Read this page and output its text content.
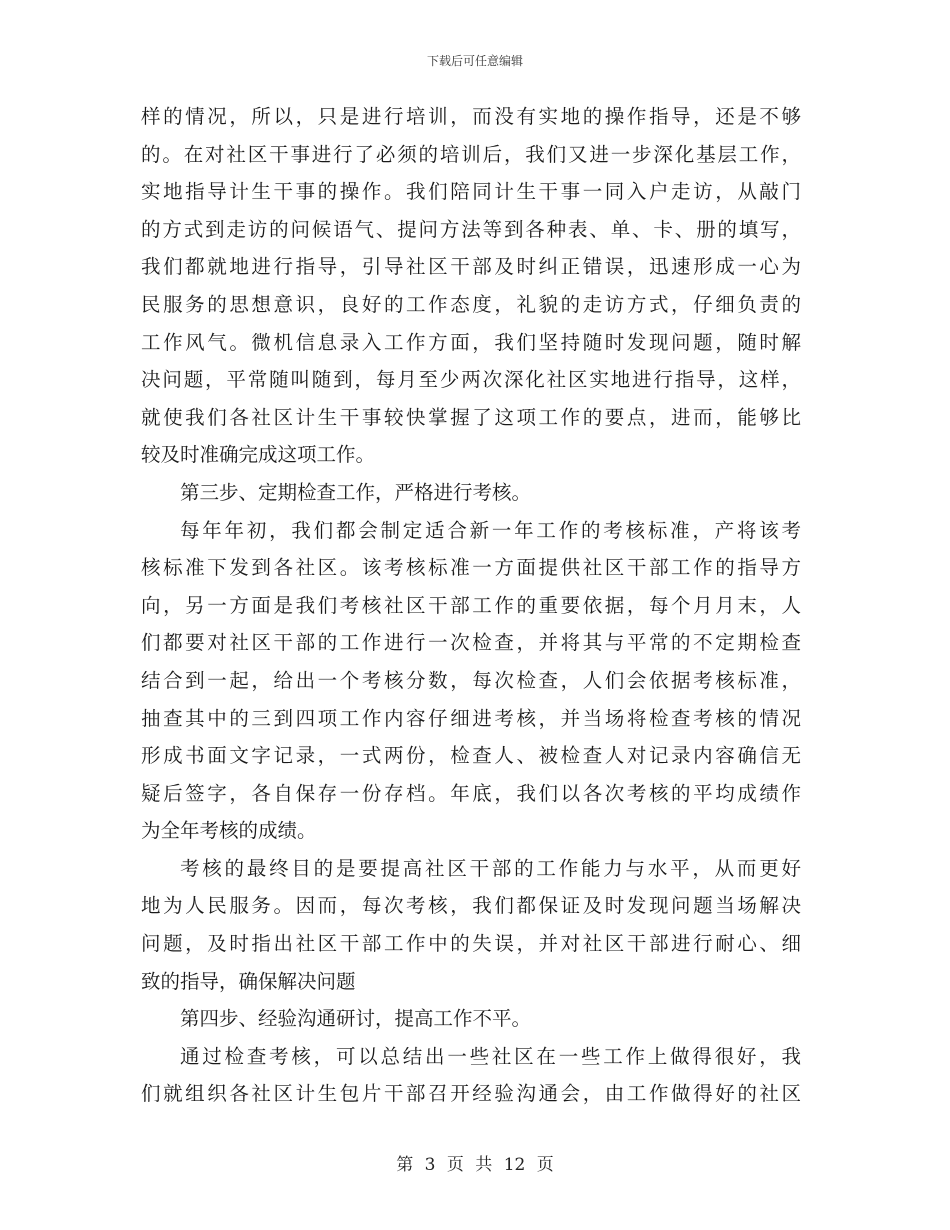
下载后可任意编辑
样的情况，所以，只是进行培训，而没有实地的操作指导，还是不够
的。在对社区干事进行了必须的培训后，我们又进一步深化基层工作，
实地指导计生干事的操作。我们陪同计生干事一同入户走访，从敲门
的方式到走访的问候语气、提问方法等到各种表、单、卡、册的填写，
我们都就地进行指导，引导社区干部及时纠正错误，迅速形成一心为
民服务的思想意识，良好的工作态度，礼貌的走访方式，仔细负责的
工作风气。微机信息录入工作方面，我们坚持随时发现问题，随时解
决问题，平常随叫随到，每月至少两次深化社区实地进行指导，这样，
就使我们各社区计生干事较快掌握了这项工作的要点，进而，能够比
较及时准确完成这项工作。
第三步、定期检查工作，严格进行考核。
每年年初，我们都会制定适合新一年工作的考核标准，产将该考
核标准下发到各社区。该考核标准一方面提供社区干部工作的指导方
向，另一方面是我们考核社区干部工作的重要依据，每个月月末，人
们都要对社区干部的工作进行一次检查，并将其与平常的不定期检查
结合到一起，给出一个考核分数，每次检查，人们会依据考核标准，
抽查其中的三到四项工作内容仔细进考核，并当场将检查考核的情况
形成书面文字记录，一式两份，检查人、被检查人对记录内容确信无
疑后签字，各自保存一份存档。年底，我们以各次考核的平均成绩作
为全年考核的成绩。
考核的最终目的是要提高社区干部的工作能力与水平，从而更好
地为人民服务。因而，每次考核，我们都保证及时发现问题当场解决
问题，及时指出社区干部工作中的失误，并对社区干部进行耐心、细
致的指导，确保解决问题
第四步、经验沟通研讨，提高工作不平。
通过检查考核，可以总结出一些社区在一些工作上做得很好，我
们就组织各社区计生包片干部召开经验沟通会，由工作做得好的社区
第 3 页 共 12 页
